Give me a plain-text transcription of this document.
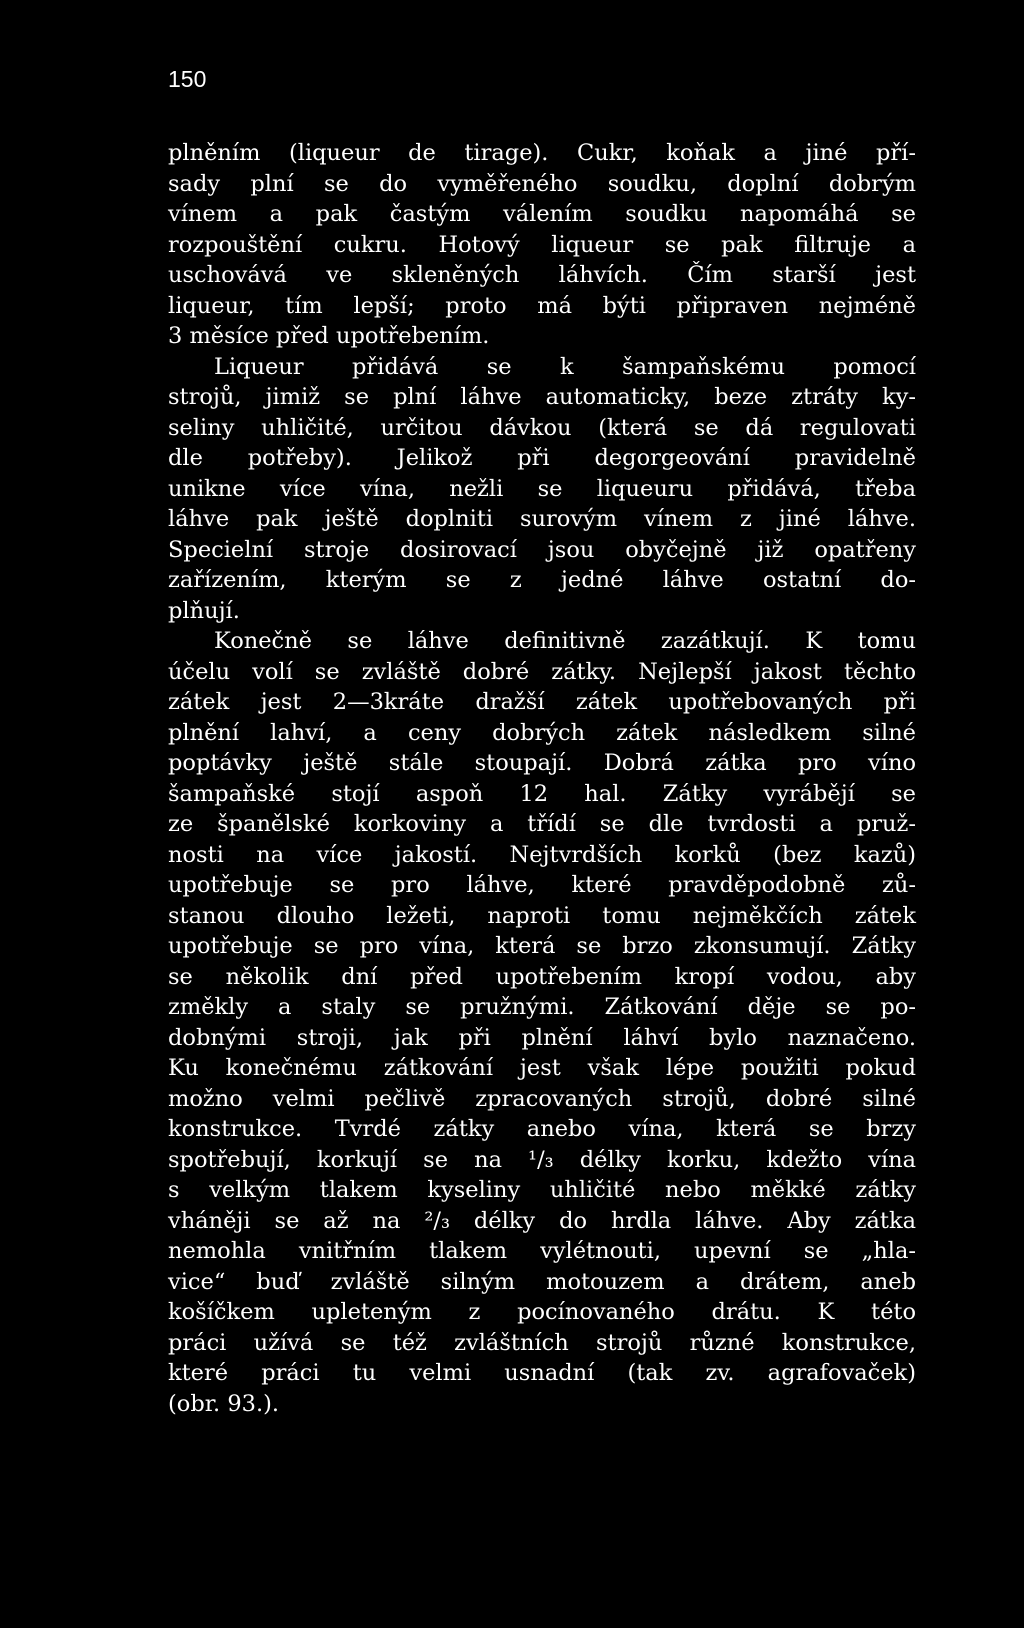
150
plněním (liqueur de tirage). Cukr, koňak a jiné pří-
sady plní se do vyměřeného soudku, doplní dobrým
vínem a pak častým válením soudku napomáhá se
rozpouštění cukru. Hotový liqueur se pak filtruje a
uschovává ve skleněných láhvích. Čím starší jest
liqueur, tím lepší; proto má býti připraven nejméně
3 měsíce před upotřebením.
Liqueur přidává se k šampaňskému pomocí
strojů, jimiž se plní láhve automaticky, beze ztráty ky-
seliny uhličité, určitou dávkou (která se dá regulovati
dle potřeby). Jelikož při degorgeování pravidelně
unikne více vína, nežli se liqueuru přidává, třeba
láhve pak ještě doplniti surovým vínem z jiné láhve.
Specielní stroje dosirovací jsou obyčejně již opatřeny
zařízením, kterým se z jedné láhve ostatní do-
plňují.
Konečně se láhve definitivně zazátkují. K tomu
účelu volí se zvláště dobré zátky. Nejlepší jakost těchto
zátek jest 2—3kráte dražší zátek upotřebovaných při
plnění lahví, a ceny dobrých zátek následkem silné
poptávky ještě stále stoupají. Dobrá zátka pro víno
šampaňské stojí aspoň 12 hal. Zátky vyrábějí se
ze španělské korkoviny a třídí se dle tvrdosti a pruž-
nosti na více jakostí. Nejtvrdších korků (bez kazů)
upotřebuje se pro láhve, které pravděpodobně zů-
stanou dlouho ležeti, naproti tomu nejměkčích zátek
upotřebuje se pro vína, která se brzo zkonsumují. Zátky
se několik dní před upotřebením kropí vodou, aby
změkly a staly se pružnými. Zátkování děje se po-
dobnými stroji, jak při plnění láhví bylo naznačeno.
Ku konečnému zátkování jest však lépe použiti pokud
možno velmi pečlivě zpracovaných strojů, dobré silné
konstrukce. Tvrdé zátky anebo vína, která se brzy
spotřebují, korkují se na ¹/₃ délky korku, kdežto vína
s velkým tlakem kyseliny uhličité nebo měkké zátky
vháněji se až na ²/₃ délky do hrdla láhve. Aby zátka
nemohla vnitřním tlakem vylétnouti, upevní se „hla-
vice“ buď zvláště silným motouzem a drátem, aneb
košíčkem upleteným z pocínovaného drátu. K této
práci užívá se též zvláštních strojů různé konstrukce,
které práci tu velmi usnadní (tak zv. agrafovaček)
(obr. 93.).
